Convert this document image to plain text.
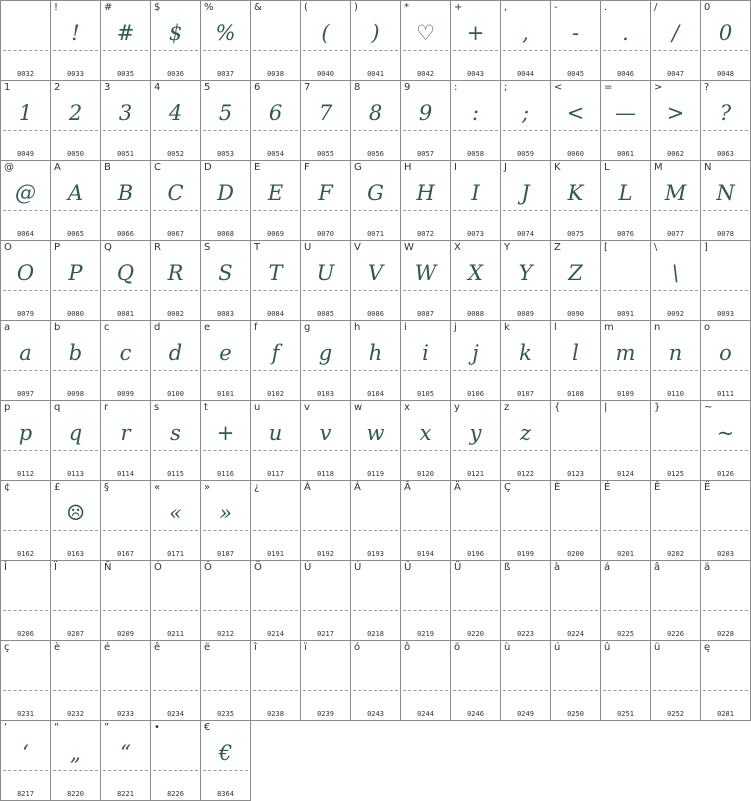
0032
!
!
0033
#
#
0035
$
$
0036
%
%
0037
&
0038
(
(
0040
)
)
0041
*
♡
0042
+
+
0043
,
,
0044
-
-
0045
.
.
0046
/
/
0047
0
0
0048
1
1
0049
2
2
0050
3
3
0051
4
4
0052
5
5
0053
6
6
0054
7
7
0055
8
8
0056
9
9
0057
:
:
0058
;
;
0059
<
<
0060
=
—
0061
>
>
0062
?
?
0063
@
@
0064
A
A
0065
B
B
0066
C
C
0067
D
D
0068
E
E
0069
F
F
0070
G
G
0071
H
H
0072
I
I
0073
J
J
0074
K
K
0075
L
L
0076
M
M
0077
N
N
0078
O
O
0079
P
P
0080
Q
Q
0081
R
R
0082
S
S
0083
T
T
0084
U
U
0085
V
V
0086
W
W
0087
X
X
0088
Y
Y
0089
Z
Z
0090
[
0091
\
\
0092
]
0093
a
a
0097
b
b
0098
c
c
0099
d
d
0100
e
e
0101
f
f
0102
g
g
0103
h
h
0104
i
i
0105
j
j
0106
k
k
0107
l
l
0108
m
m
0109
n
n
0110
o
o
0111
p
p
0112
q
q
0113
r
r
0114
s
s
0115
t
+
0116
u
u
0117
v
v
0118
w
w
0119
x
x
0120
y
y
0121
z
z
0122
{
0123
|
0124
}
0125
~
~
0126
¢
0162
£
☹
0163
§
0167
«
«
0171
»
»
0187
¿
0191
À
0192
Á
0193
Â
0194
Ä
0196
Ç
0199
È
0200
É
0201
Ê
0202
Ë
0203
Î
0206
Ï
0207
Ñ
0209
Ó
0211
Ô
0212
Ö
0214
Ù
0217
Ú
0218
Û
0219
Ü
0220
ß
0223
à
0224
á
0225
â
0226
ä
0228
ç
0231
è
0232
é
0233
ê
0234
ë
0235
î
0238
ï
0239
ó
0243
ô
0244
ö
0246
ù
0249
ú
0250
û
0251
ü
0252
ę
0281
‘
‘
8217
“
„
8220
”
“
8221
•
8226
€
€
8364
